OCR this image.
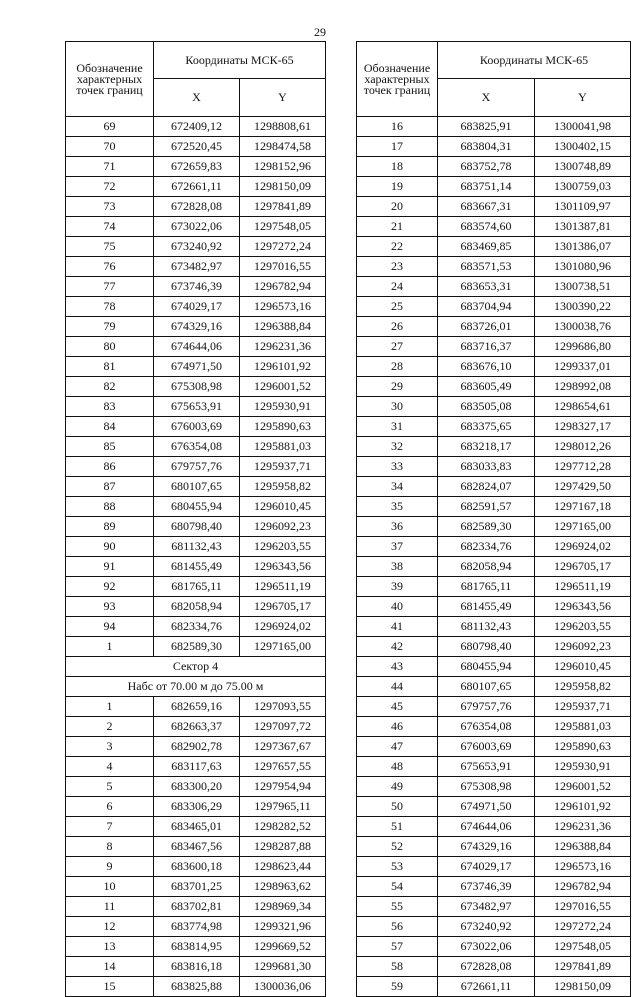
29
Обозначение характерных точек границ	Координаты МСК-65	
	X	Y
69	672409,12	1298808,61
70	672520,45	1298474,58
71	672659,83	1298152,96
72	672661,11	1298150,09
73	672828,08	1297841,89
74	673022,06	1297548,05
75	673240,92	1297272,24
76	673482,97	1297016,55
77	673746,39	1296782,94
78	674029,17	1296573,16
79	674329,16	1296388,84
80	674644,06	1296231,36
81	674971,50	1296101,92
82	675308,98	1296001,52
83	675653,91	1295930,91
84	676003,69	1295890,63
85	676354,08	1295881,03
86	679757,76	1295937,71
87	680107,65	1295958,82
88	680455,94	1296010,45
89	680798,40	1296092,23
90	681132,43	1296203,55
91	681455,49	1296343,56
92	681765,11	1296511,19
93	682058,94	1296705,17
94	682334,76	1296924,02
1	682589,30	1297165,00
Сектор 4		
Набс от 70.00 м до 75.00 м		
1	682659,16	1297093,55
2	682663,37	1297097,72
3	682902,78	1297367,67
4	683117,63	1297657,55
5	683300,20	1297954,94
6	683306,29	1297965,11
7	683465,01	1298282,52
8	683467,56	1298287,88
9	683600,18	1298623,44
10	683701,25	1298963,62
11	683702,81	1298969,34
12	683774,98	1299321,96
13	683814,95	1299669,52
14	683816,18	1299681,30
15	683825,88	1300036,06
Обозначение характерных точек границ	Координаты МСК-65	
	X	Y
16	683825,91	1300041,98
17	683804,31	1300402,15
18	683752,78	1300748,89
19	683751,14	1300759,03
20	683667,31	1301109,97
21	683574,60	1301387,81
22	683469,85	1301386,07
23	683571,53	1301080,96
24	683653,31	1300738,51
25	683704,94	1300390,22
26	683726,01	1300038,76
27	683716,37	1299686,80
28	683676,10	1299337,01
29	683605,49	1298992,08
30	683505,08	1298654,61
31	683375,65	1298327,17
32	683218,17	1298012,26
33	683033,83	1297712,28
34	682824,07	1297429,50
35	682591,57	1297167,18
36	682589,30	1297165,00
37	682334,76	1296924,02
38	682058,94	1296705,17
39	681765,11	1296511,19
40	681455,49	1296343,56
41	681132,43	1296203,55
42	680798,40	1296092,23
43	680455,94	1296010,45
44	680107,65	1295958,82
45	679757,76	1295937,71
46	676354,08	1295881,03
47	676003,69	1295890,63
48	675653,91	1295930,91
49	675308,98	1296001,52
50	674971,50	1296101,92
51	674644,06	1296231,36
52	674329,16	1296388,84
53	674029,17	1296573,16
54	673746,39	1296782,94
55	673482,97	1297016,55
56	673240,92	1297272,24
57	673022,06	1297548,05
58	672828,08	1297841,89
59	672661,11	1298150,09
